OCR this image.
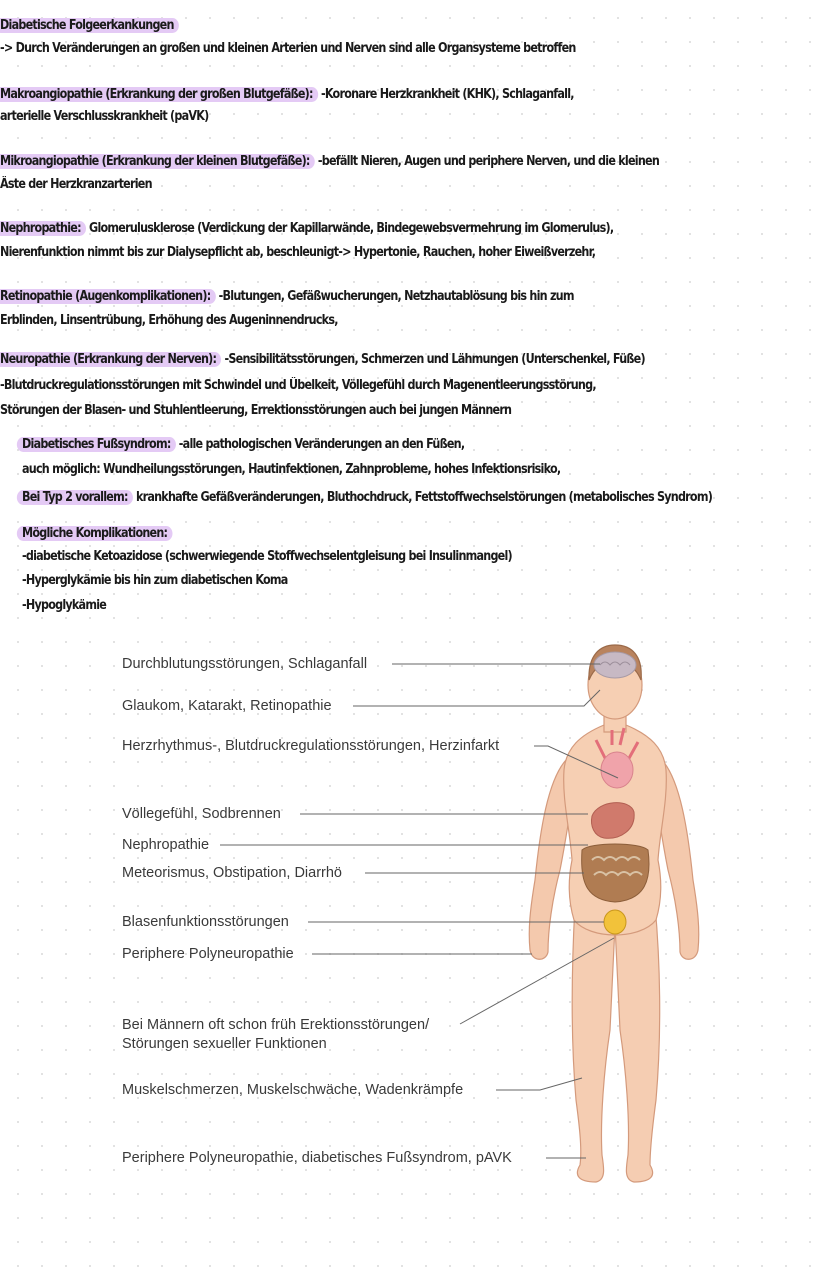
Diabetische Folgeerkankungen
-> Durch Veränderungen an großen und kleinen Arterien und Nerven sind alle Organsysteme betroffen
Makroangiopathie (Erkrankung der großen Blutgefäße): -Koronare Herzkrankheit (KHK), Schlaganfall,
arterielle Verschlusskrankheit (paVK)
Mikroangiopathie (Erkrankung der kleinen Blutgefäße): -befällt Nieren, Augen und periphere Nerven, und die kleinen
Äste der Herzkranzarterien
Nephropathie: Glomerulusklerose (Verdickung der Kapillarwände, Bindegewebsvermehrung im Glomerulus),
Nierenfunktion nimmt bis zur Dialysepflicht ab, beschleunigt-> Hypertonie, Rauchen, hoher Eiweißverzehr,
Retinopathie (Augenkomplikationen): -Blutungen, Gefäßwucherungen, Netzhautablösung bis hin zum
Erblinden, Linsentrübung, Erhöhung des Augeninnendrucks,
Neuropathie (Erkrankung der Nerven): -Sensibilitätsstörungen, Schmerzen und Lähmungen (Unterschenkel, Füße)
-Blutdruckregulationsstörungen mit Schwindel und Übelkeit, Völlegefühl durch Magenentleerungsstörung,
Störungen der Blasen- und Stuhlentleerung, Errektionsstörungen auch bei jungen Männern
Diabetisches Fußsyndrom: -alle pathologischen Veränderungen an den Füßen,
auch möglich: Wundheilungsstörungen, Hautinfektionen, Zahnprobleme, hohes Infektionsrisiko,
Bei Typ 2 vorallem: krankhafte Gefäßveränderungen, Bluthochdruck, Fettstoffwechselstörungen (metabolisches Syndrom)
Mögliche Komplikationen:
-diabetische Ketoazidose (schwerwiegende Stoffwechselentgleisung bei Insulinmangel)
-Hyperglykämie bis hin zum diabetischen Koma
-Hypoglykämie
Durchblutungsstörungen, Schlaganfall
Glaukom, Katarakt, Retinopathie
Herzrhythmus-, Blutdruckregulationsstörungen, Herzinfarkt
Völlegefühl, Sodbrennen
Nephropathie
Meteorismus, Obstipation, Diarrhö
Blasenfunktionsstörungen
Periphere Polyneuropathie
Bei Männern oft schon früh Erektionsstörungen/
Störungen sexueller Funktionen
Muskelschmerzen, Muskelschwäche, Wadenkrämpfe
Periphere Polyneuropathie, diabetisches Fußsyndrom, pAVK
